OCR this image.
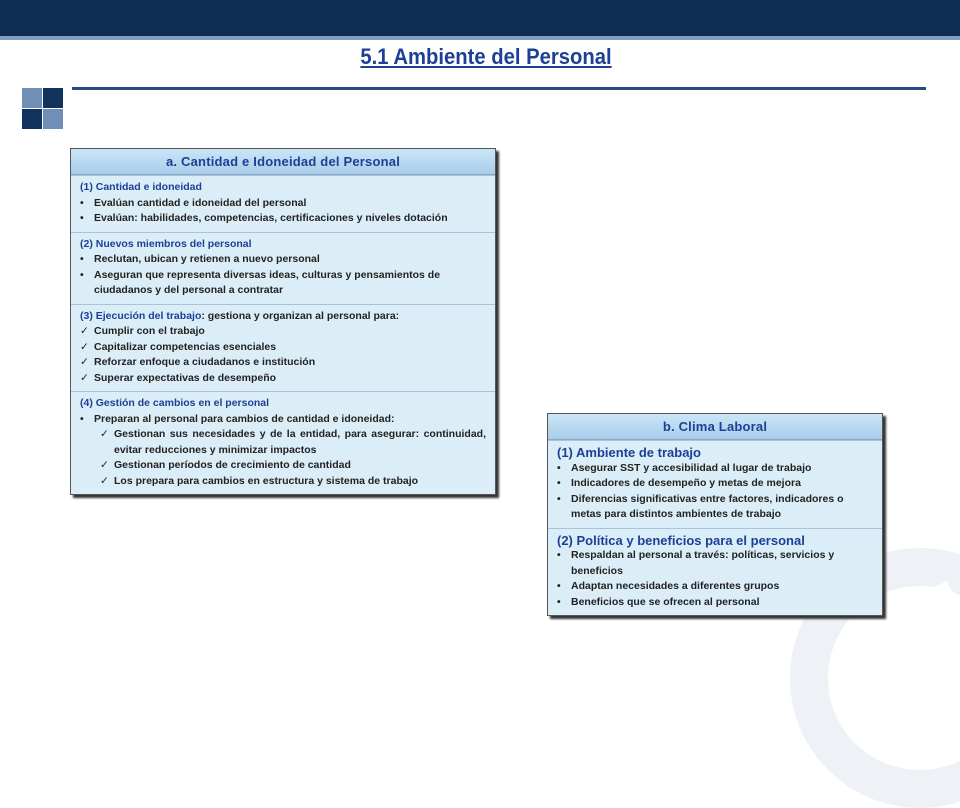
5.1 Ambiente del Personal
a. Cantidad e Idoneidad del Personal
(1) Cantidad e idoneidad
• Evalúan cantidad e idoneidad del personal
• Evalúan: habilidades, competencias, certificaciones y niveles dotación
(2) Nuevos miembros del personal
• Reclutan, ubican y retienen a nuevo personal
• Aseguran que representa diversas ideas, culturas y pensamientos de ciudadanos y del personal a contratar
(3) Ejecución del trabajo: gestiona y organizan al personal para:
✓ Cumplir con el trabajo
✓ Capitalizar competencias esenciales
✓ Reforzar enfoque a ciudadanos e institución
✓ Superar expectativas de desempeño
(4) Gestión de cambios en el personal
• Preparan al personal para cambios de cantidad e idoneidad:
✓ Gestionan sus necesidades y de la entidad, para asegurar: continuidad, evitar reducciones y minimizar impactos
✓ Gestionan períodos de crecimiento de cantidad
✓ Los prepara para cambios en estructura y sistema de trabajo
b. Clima Laboral
(1) Ambiente de trabajo
• Asegurar SST y accesibilidad al lugar de trabajo
• Indicadores de desempeño y metas de mejora
• Diferencias significativas entre factores, indicadores o metas para distintos ambientes de trabajo
(2) Política y beneficios para el personal
• Respaldan al personal a través: políticas, servicios y beneficios
• Adaptan necesidades a diferentes grupos
• Beneficios que se ofrecen al personal
